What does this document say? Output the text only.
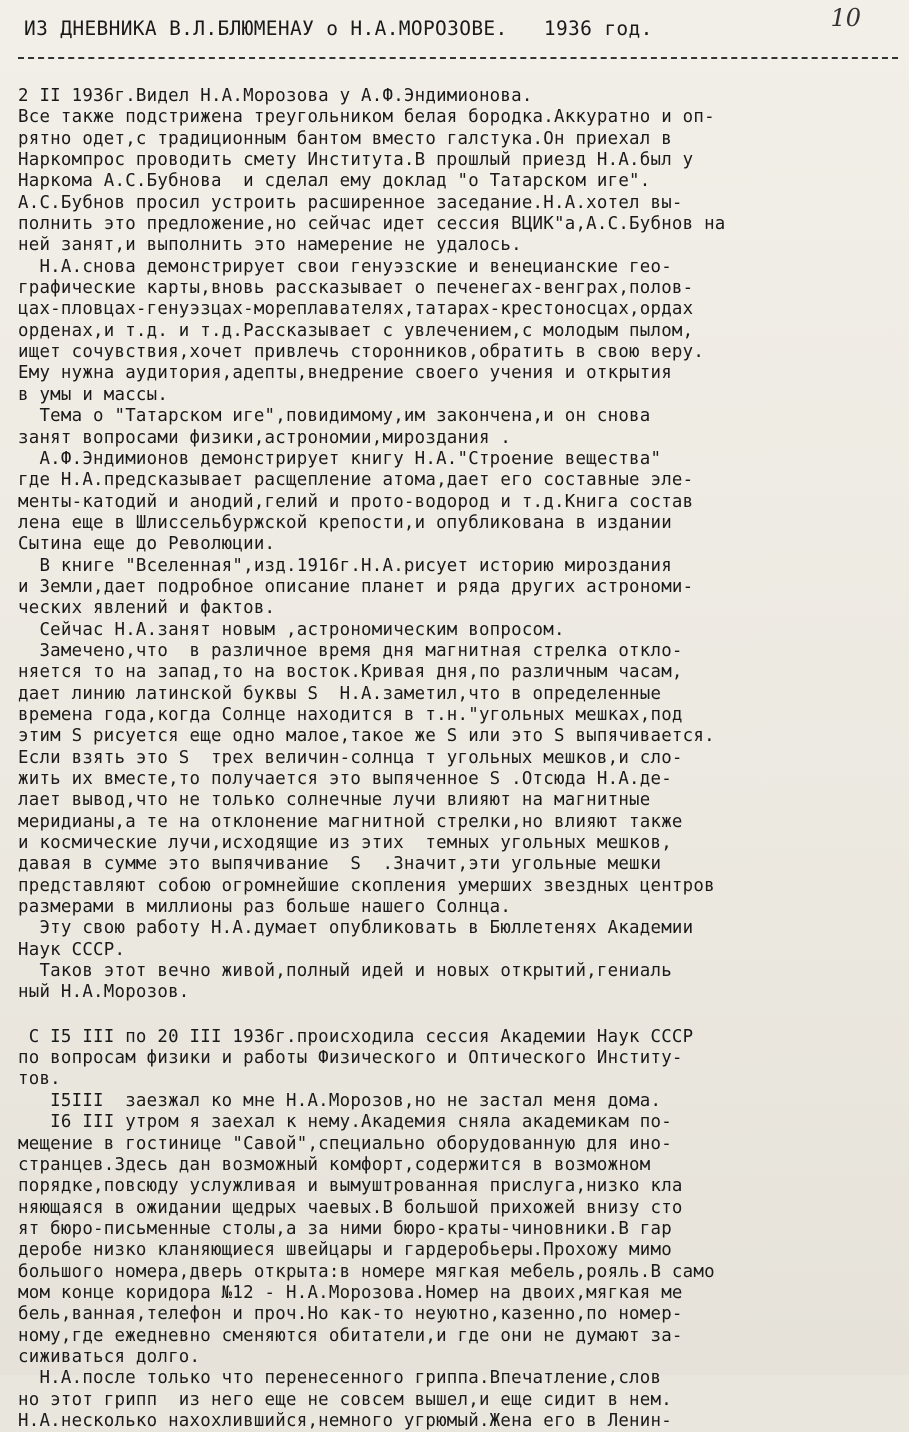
10
ИЗ ДНЕВНИКА В.Л.БЛЮМЕНАУ о Н.А.МОРОЗОВЕ.   1936 год.

2 II 1936г.Видел Н.А.Морозова у А.Ф.Эндимионова.

Все также подстрижена треугольником белая бородка.Аккуратно и оп-

рятно одет,с традиционным бантом вместо галстука.Он приехал в

Наркомпрос проводить смету Института.В прошлый приезд Н.А.был у

Наркома А.С.Бубнова  и сделал ему доклад "о Татарском иге".

А.С.Бубнов просил устроить расширенное заседание.Н.А.хотел вы-

полнить это предложение,но сейчас идет сессия ВЦИК"а,А.С.Бубнов на

ней занят,и выполнить это намерение не удалось.

Н.А.снова демонстрирует свои генуэзские и венецианские гео-

графические карты,вновь рассказывает о печенегах-венграх,полов-

цах-пловцах-генуэзцах-мореплавателях,татарах-крестоносцах,ордах

орденах,и т.д. и т.д.Рассказывает с увлечением,с молодым пылом,

ищет сочувствия,хочет привлечь сторонников,обратить в свою веру.

Ему нужна аудитория,адепты,внедрение своего учения и открытия

в умы и массы.

Тема о "Татарском иге",повидимому,им закончена,и он снова

занят вопросами физики,астрономии,мироздания .

А.Ф.Эндимионов демонстрирует книгу Н.А."Строение вещества"

где Н.А.предсказывает расщепление атома,дает его составные эле-

менты-катодий и анодий,гелий и прото-водород и т.д.Книга состав

лена еще в Шлиссельбуржской крепости,и опубликована в издании

Сытина еще до Революции.

В книге "Вселенная",изд.1916г.Н.А.рисует историю мироздания

и Земли,дает подробное описание планет и ряда других астрономи-

ческих явлений и фактов.

Сейчас Н.А.занят новым ,астрономическим вопросом.

Замечено,что  в различное время дня магнитная стрелка откло-

няется то на запад,то на восток.Кривая дня,по различным часам,

дает линию латинской буквы S  Н.А.заметил,что в определенные

времена года,когда Солнце находится в т.н."угольных мешках,под

этим S рисуется еще одно малое,такое же S или это S выпячивается.

Если взять это S  трех величин-солнца т угольных мешков,и сло-

жить их вместе,то получается это выпяченное S .Отсюда Н.А.де-

лает вывод,что не только солнечные лучи влияют на магнитные

меридианы,а те на отклонение магнитной стрелки,но влияют также

и космические лучи,исходящие из этих  темных угольных мешков,

давая в сумме это выпячивание  S  .Значит,эти угольные мешки

представляют собою огромнейшие скопления умерших звездных центров

размерами в миллионы раз больше нашего Солнца.

Эту свою работу Н.А.думает опубликовать в Бюллетенях Академии

Наук СССР.

Таков этот вечно живой,полный идей и новых открытий,гениаль

ный Н.А.Морозов.

С I5 III по 20 III 1936г.происходила сессия Академии Наук СССР

по вопросам физики и работы Физического и Оптического Институ-

тов.

I5III  заезжал ко мне Н.А.Морозов,но не застал меня дома.

I6 III утром я заехал к нему.Академия сняла академикам по-

мещение в гостинице "Савой",специально оборудованную для ино-

странцев.Здесь дан возможный комфорт,содержится в возможном

порядке,повсюду услужливая и вымуштрованная прислуга,низко кла

няющаяся в ожидании щедрых чаевых.В большой прихожей внизу сто

ят бюро-письменные столы,а за ними бюро-краты-чиновники.В гар

деробе низко кланяющиеся швейцары и гардеробьеры.Прохожу мимо

большого номера,дверь открыта:в номере мягкая мебель,рояль.В само

мом конце коридора №12 - Н.А.Морозова.Номер на двоих,мягкая ме

бель,ванная,телефон и проч.Но как-то неуютно,казенно,по номер-

ному,где ежедневно сменяются обитатели,и где они не думают за-

сиживаться долго.

Н.А.после только что перенесенного гриппа.Впечатление,слов

но этот грипп  из него еще не совсем вышел,и еще сидит в нем.

Н.А.несколько нахохлившийся,немного угрюмый.Жена его в Ленин-
